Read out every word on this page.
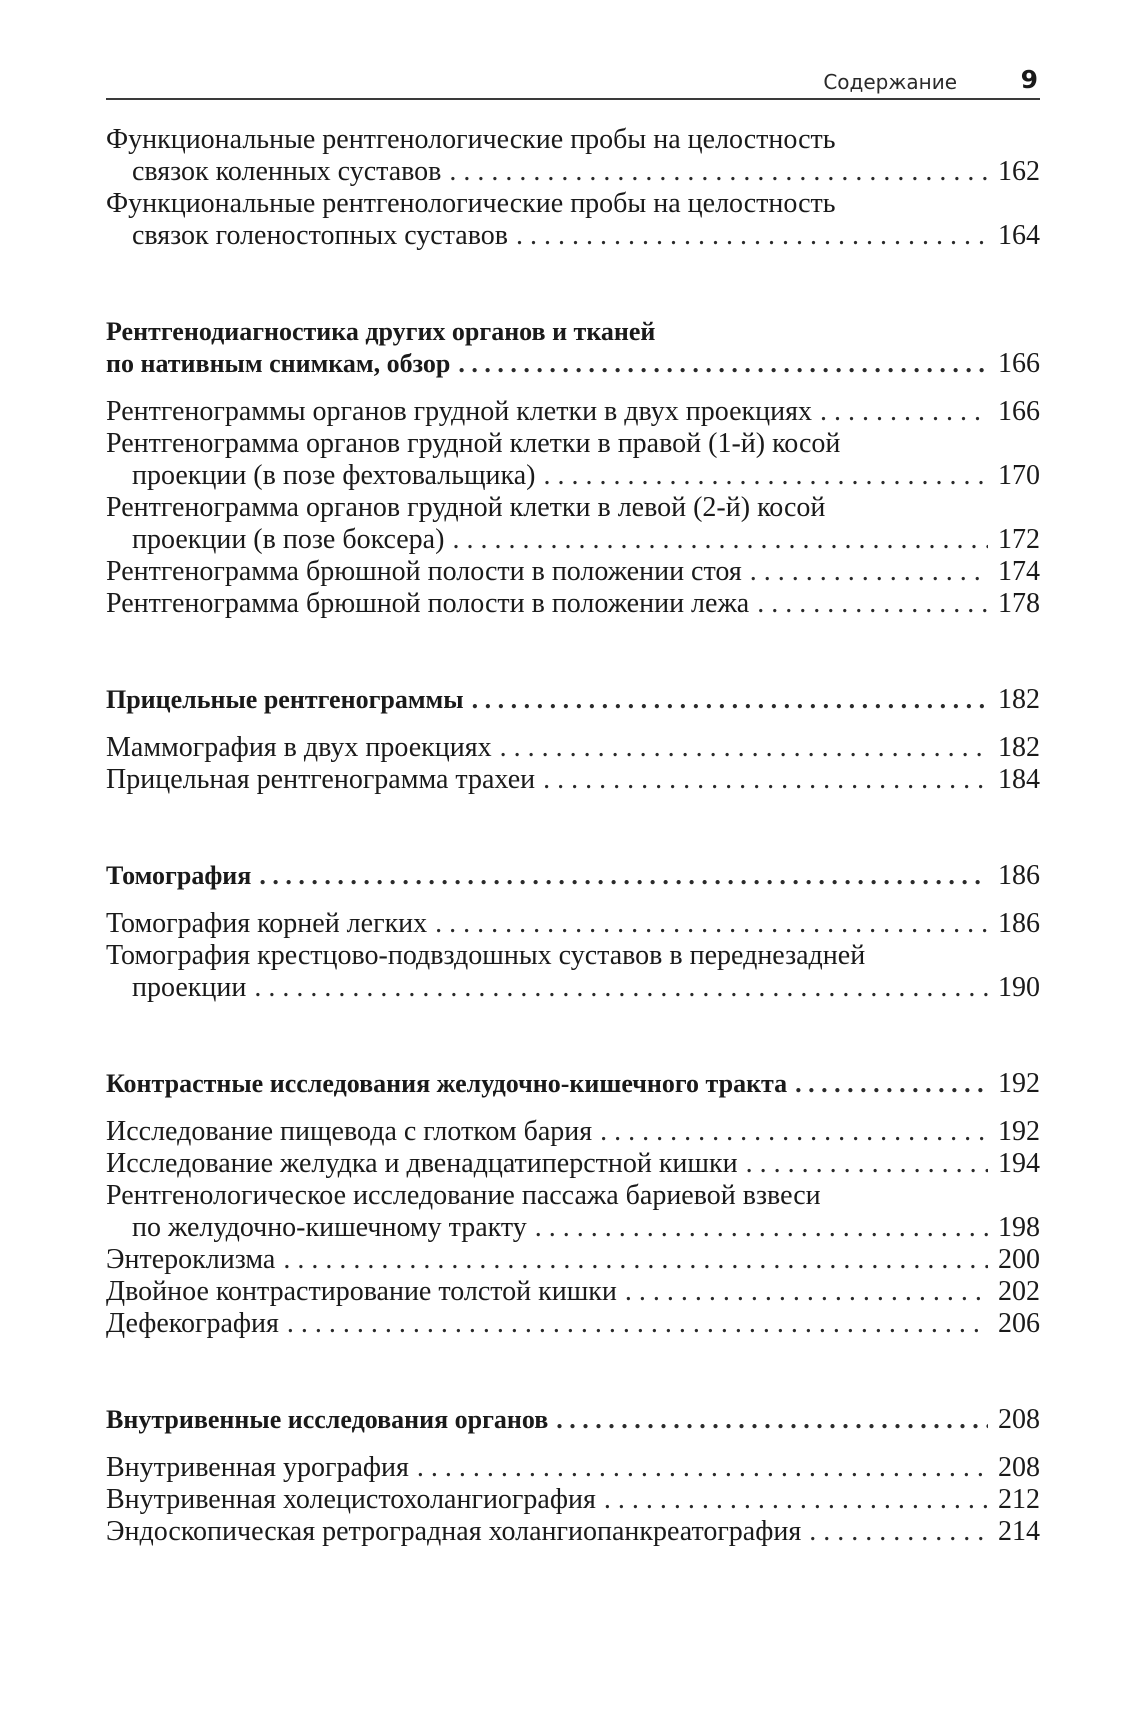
Содержание	9
Функциональные рентгенологические пробы на целостность
связок коленных суставов . . .	162
Функциональные рентгенологические пробы на целостность
связок голеностопных суставов . . .	164
Рентгенодиагностика других органов и тканей
по нативным снимкам, обзор . . .	166
Рентгенограммы органов грудной клетки в двух проекциях . . .	166
Рентгенограмма органов грудной клетки в правой (1-й) косой
проекции (в позе фехтовальщика) . . .	170
Рентгенограмма органов грудной клетки в левой (2-й) косой
проекции (в позе боксера) . . .	172
Рентгенограмма брюшной полости в положении стоя . . .	174
Рентгенограмма брюшной полости в положении лежа . . .	178
Прицельные рентгенограммы . . .	182
Маммография в двух проекциях . . .	182
Прицельная рентгенограмма трахеи . . .	184
Томография . . .	186
Томография корней легких . . .	186
Томография крестцово-подвздошных суставов в переднезадней
проекции . . .	190
Контрастные исследования желудочно-кишечного тракта . . .	192
Исследование пищевода с глотком бария . . .	192
Исследование желудка и двенадцатиперстной кишки . . .	194
Рентгенологическое исследование пассажа бариевой взвеси
по желудочно-кишечному тракту . . .	198
Энтероклизма . . .	200
Двойное контрастирование толстой кишки . . .	202
Дефекография . . .	206
Внутривенные исследования органов . . .	208
Внутривенная урография . . .	208
Внутривенная холецистохолангиография . . .	212
Эндоскопическая ретроградная холангиопанкреатография . . .	214
